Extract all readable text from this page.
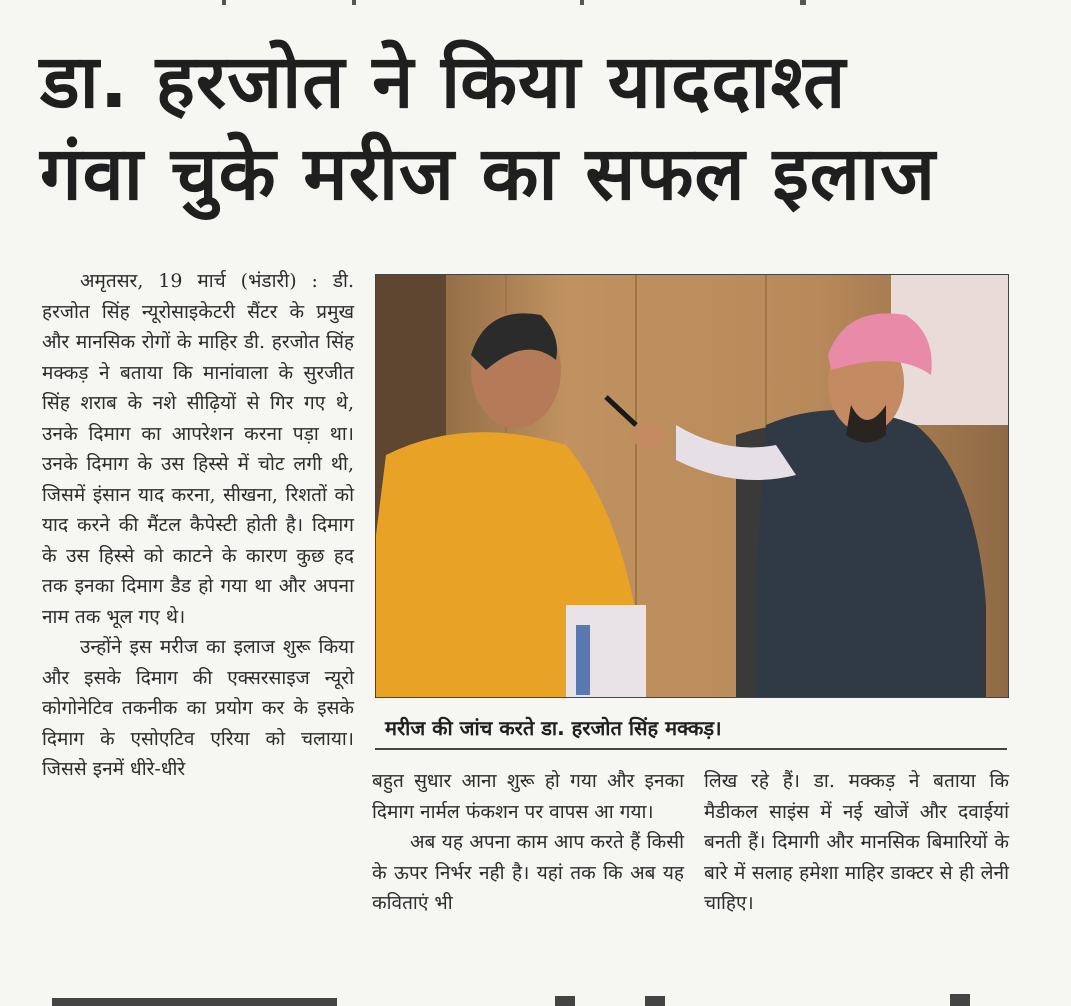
डा. हरजोत ने किया याददाश्त
गंवा चुके मरीज का सफल इलाज

अमृतसर, 19 मार्च (भंडारी) : डी. हरजोत सिंह न्यूरोसाइकेटरी सैंटर के प्रमुख और मानसिक रोगों के माहिर डी. हरजोत सिंह मक्कड़ ने बताया कि मानांवाला के सुरजीत सिंह शराब के नशे सीढ़ियों से गिर गए थे, उनके दिमाग का आपरेशन करना पड़ा था। उनके दिमाग के उस हिस्से में चोट लगी थी, जिसमें इंसान याद करना, सीखना, रिशतों को याद करने की मैंटल कैपेस्टी होती है। दिमाग के उस हिस्से को काटने के कारण कुछ हद तक इनका दिमाग डैड हो गया था और अपना नाम तक भूल गए थे।

उन्होंने इस मरीज का इलाज शुरू किया और इसके दिमाग की एक्सरसाइज न्यूरो कोगोनेटिव तकनीक का प्रयोग कर के इसके दिमाग के एसोएटिव एरिया को चलाया। जिससे इनमें धीरे-धीरे

मरीज की जांच करते डा. हरजोत सिंह मक्कड़।

बहुत सुधार आना शुरू हो गया और इनका दिमाग नार्मल फंकशन पर वापस आ गया।

अब यह अपना काम आप करते हैं किसी के ऊपर निर्भर नही है। यहां तक कि अब यह कविताएं भी

लिख रहे हैं। डा. मक्कड़ ने बताया कि मैडीकल साइंस में नई खोजें और दवाईयां बनती हैं। दिमागी और मानसिक बिमारियों के बारे में सलाह हमेशा माहिर डाक्टर से ही लेनी चाहिए।
